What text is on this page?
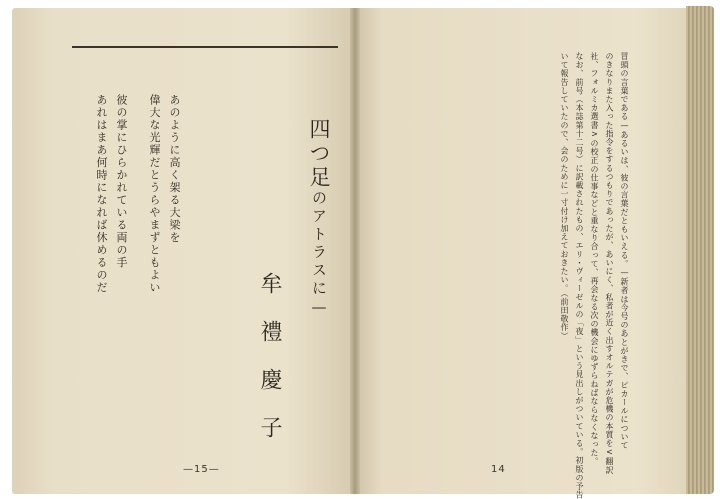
四つ足のアトラスに—
牟禮慶子
あのように高く架る大梁を
偉大な光輝だとうらやまずともよい
彼の掌にひらかれている両の手
あれはまあ何時になれば休めるのだ
—15—
冒頭の言葉である—あるいは、彼の言葉だともいえる。—新者は今号のあとがきで、ピカールについて
のきなりまた入った指令をするつもりであったが、あいにく、私者が近く出すオルテガが危機の本質を<翻訳
社、フォルミカ選書>の校正の仕事などと重なり合って、再会なる次の機会にゆずらねばならなくなった。
なお、前号（本誌第十二号）に訳載されたもの、エリ・ヴィーゼルの「夜」という見出しがついている。初版の予告
いて報告していたので、会のために一寸付け加えておきたい。（前田敬作）
14
